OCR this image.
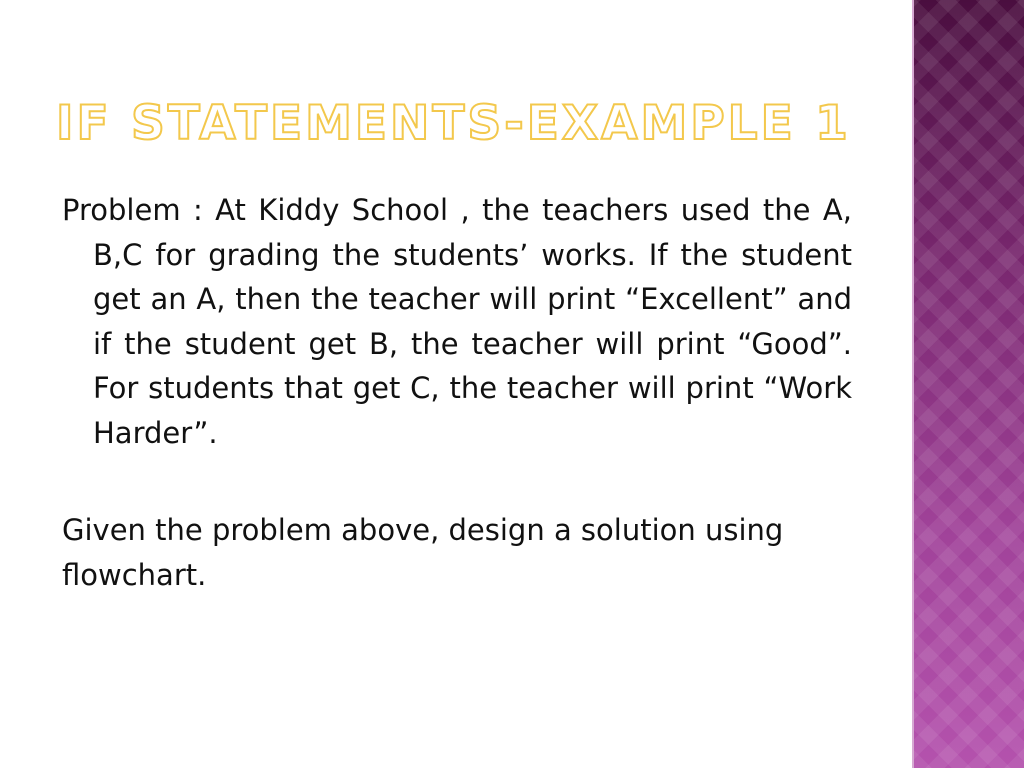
IF STATEMENTS-EXAMPLE 1

Problem : At Kiddy School , the teachers used the A, B,C for grading the students’ works. If the student get an A, then the teacher will print “Excellent” and if the student get B, the teacher will print “Good”. For students that get C, the teacher will print “Work Harder”.

Given the problem above, design a solution using flowchart.
